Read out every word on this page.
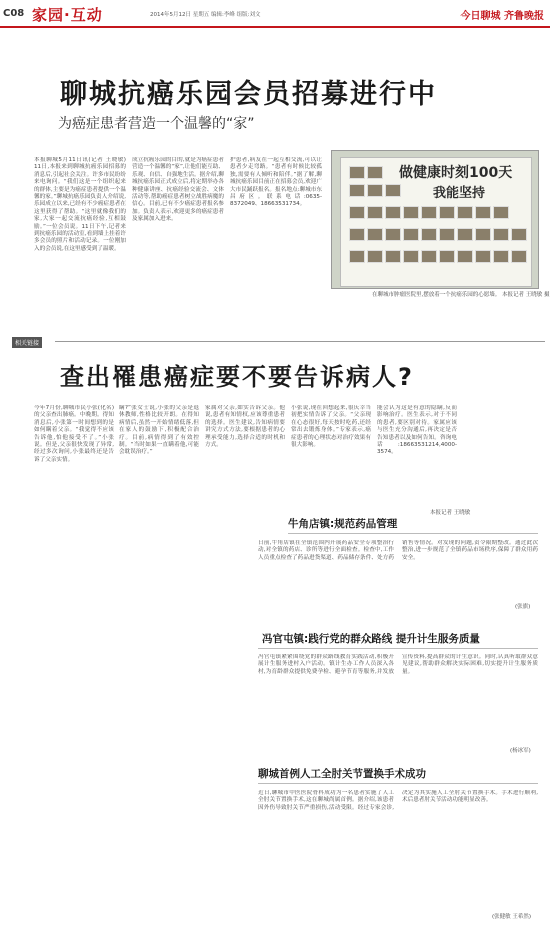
C08 家园·互动	2014年5月12日 星期五 编辑:李峰 组版:刘文	今日聊城 齐鲁晚报
聊城抗癌乐园会员招募进行中
为癌症患者营造一个温馨的“家”
本报聊城5月11日讯(记者 王晓敏) 11日,本报来到聊城抗癌乐园招募的消息后,引起社会关注。许多市民纷纷来电询问。“我们这是一个组织起来的群体,主要是为癌症患者提供一个温馨的家。”聊城抗癌乐园负责人介绍说,乐园成立以来,已经有不少癌症患者在这里获得了帮助。“这里就像我们的家,大家一起交流抗癌经验,互相鼓励。”一位会员说。11日下午,记者来到抗癌乐园的活动室,看到墙上挂着许多会员的照片和活动记录。一位刚加入的会员说,在这里感受到了温暖。
成立抗癌乐园的目的,就是为癌症患者营造一个温馨的“家”,让他们能互助、乐观、自信、自强地生活。据介绍,聊城抗癌乐园正式成立后,将定期举办各种健康讲座、抗癌经验交流会、文体活动等,帮助癌症患者树立战胜病魔的信心。目前,已有不少癌症患者报名参加。负责人表示,欢迎更多的癌症患者及家属加入进来。
护患者,病友在一起互相交流,可以让患者少走弯路。“患者有时候比较孤独,需要有人倾听和陪伴。”据了解,聊城抗癌乐园目前正在招募会员,欢迎广大市民踊跃报名。报名地点:聊城市东昌府区。联系电话:0635-8372049、18663531734。
做健康时刻100天
我能坚持
在聊城市肿瘤医院里,摆放着一个抗癌乐园的心愿墙。 本报记者 王晓敏 摄
相关链接
查出罹患癌症要不要告诉病人?
今年7月份,聊城市民小张(化名)的父亲查出肺癌。中晚期。得知消息后,小张第一时间想到的是如何瞒着父亲。“我觉得不应该告诉他,怕他接受不了。”小张说。但是,父亲很快发现了异常,经过多次询问,小张最终还是告诉了父亲实情。
瞒?”张女士说,小张的父亲是退休教师,性格比较开朗。在得知病情后,虽然一开始情绪低落,但在家人的鼓励下,积极配合治疗。目前,病情得到了有效控制。“当时如果一直瞒着他,可能会耽误治疗。”
家属对父亲,如实告诉父亲。他说,患者有知情权,应该尊重患者的选择。医生建议,告知病情要讲究方式方法,要根据患者的心理承受能力,选择合适的时机和方式。
小张说,现在回想起来,很庆幸当初把实情告诉了父亲。“父亲现在心态很好,每天按时吃药,还经常出去锻炼身体。”专家表示,癌症患者的心理状态对治疗效果有很大影响。
能会认为这是有意的隐瞒,反而影响治疗。医生表示,对于不同的患者,要区别对待。家属应该与医生充分沟通后,再决定是否告知患者以及如何告知。咨询电话:18663531214,4000-3574。
本报记者 王晓敏
牛角店镇:规范药品管理
日前,牛角店镇在全镇范围内开展药品安全专项整治行动,对全镇的药店、诊所等进行全面检查。检查中,工作人员重点检查了药品进货渠道、药品储存条件、处方药销售等情况。对发现的问题,责令限期整改。通过此次整治,进一步规范了全镇药品市场秩序,保障了群众用药安全。
(张旗)
冯官屯镇:践行党的群众路线 提升计生服务质量
冯官屯镇紧紧围绕党的群众路线教育实践活动,积极开展计生服务进村入户活动。镇计生办工作人员深入各村,为育龄群众提供免费孕检、避孕节育等服务,并发放宣传资料,提高群众的计生意识。同时,认真听取群众意见建议,帮助群众解决实际困难,切实提升计生服务质量。
(杨冰军)
聊城首例人工全肘关节置换手术成功
近日,聊城市中医医院骨科成功为一名患者实施了人工全肘关节置换手术,这在聊城尚属首例。据介绍,该患者因外伤导致肘关节严重损伤,活动受限。经过专家会诊,决定为其实施人工全肘关节置换手术。手术进行顺利,术后患者肘关节活动功能明显改善。
(张健敏 王希然)
